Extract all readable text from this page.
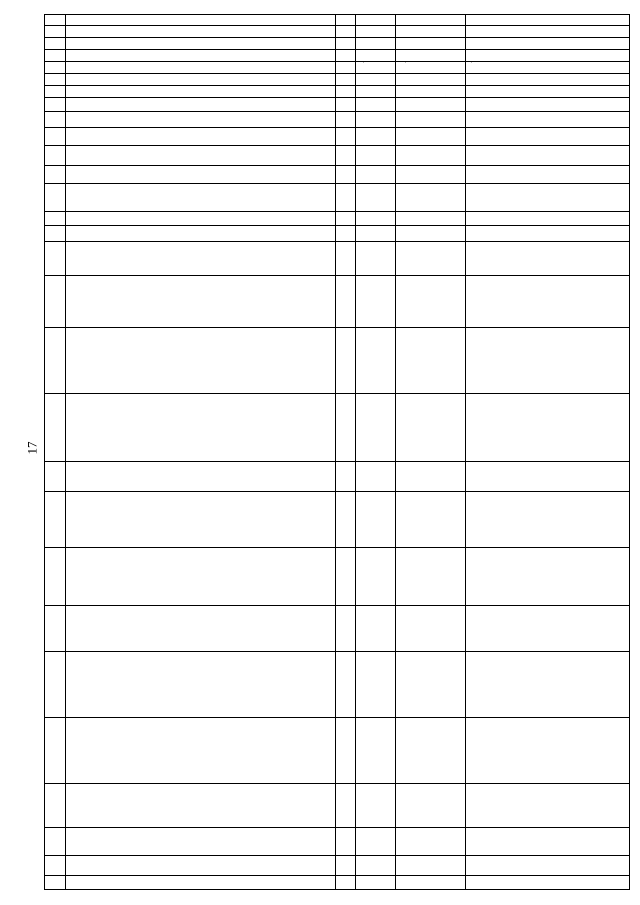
17
-
-
-
